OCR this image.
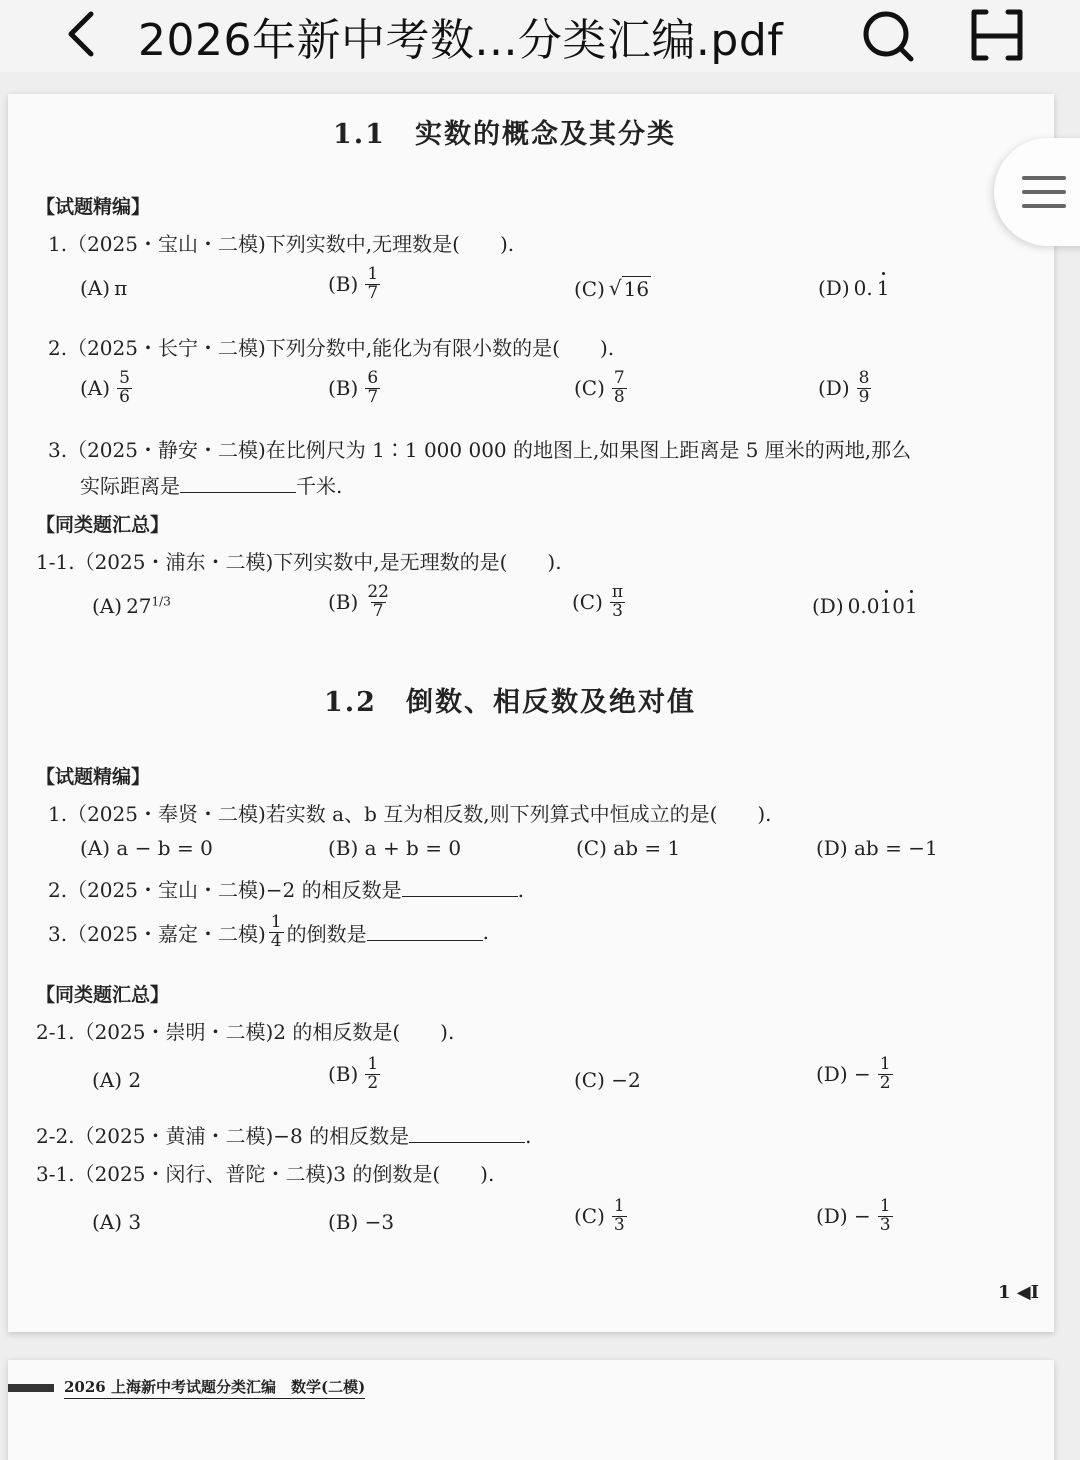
2026年新中考数...分类汇编.pdf
1.1　实数的概念及其分类
【试题精编】
1.（2025・宝山・二模)下列实数中,无理数是(　　).
(A) π	$(B) \frac{1}{7}$	(C) √ 16	(D) 0. 1
2.（2025・长宁・二模)下列分数中,能化为有限小数的是(　　).
$(A) \frac{5}{6}$	$(B) \frac{6}{7}$	$(C) \frac{7}{8}$	$(D) \frac{8}{9}$
3.（2025・静安・二模)在比例尺为 1∶1 000 000 的地图上,如果图上距离是 5 厘米的两地,那么
实际距离是	千米.
【同类题汇总】
1-1.（2025・浦东・二模)下列实数中,是无理数的是(　　).
(A) $27^{1/3}$	$(B) \frac{22}{7}$	$(C) \frac{\pi}{3}$	(D) 0.0101
1.2　倒数、相反数及绝对值
【试题精编】
1.（2025・奉贤・二模)若实数 a、b 互为相反数,则下列算式中恒成立的是(　　).
(A) a − b = 0	(B) a + b = 0	(C) ab = 1	(D) ab = −1
2.（2025・宝山・二模)−2 的相反数是	.
3.（2025・嘉定・二模) $\frac{1}{4}$ 的倒数是	.
【同类题汇总】
2-1.（2025・崇明・二模)2 的相反数是(　　).
(A) 2	$(B) \frac{1}{2}$	(C) −2	$(D) - \frac{1}{2}$
2-2.（2025・黄浦・二模)−8 的相反数是	.
3-1.（2025・闵行、普陀・二模)3 的倒数是(　　).
(A) 3	(B) −3	$(C) \frac{1}{3}$	$(D) - \frac{1}{3}$
1 ◀I
2026 上海新中考试题分类汇编　数学(二模)
